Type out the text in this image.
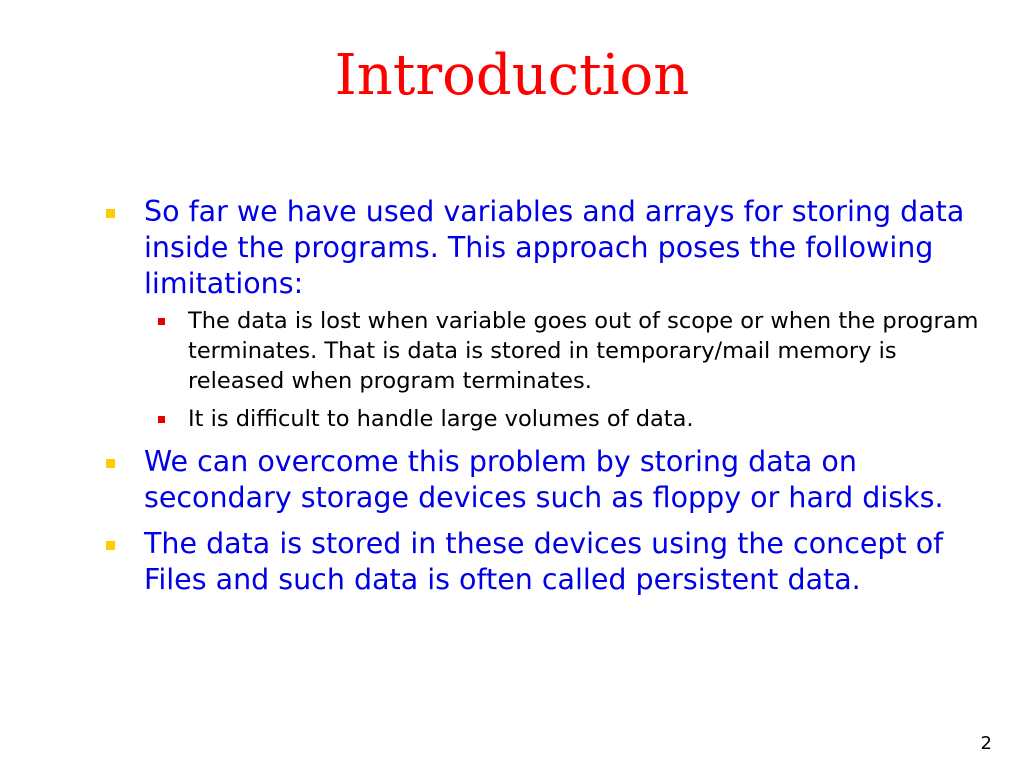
Introduction
So far we have used variables and arrays for storing data inside the programs. This approach poses the following limitations:
The data is lost when variable goes out of scope or when the program terminates. That is data is stored in temporary/mail memory is released when program terminates.
It is difficult to handle large volumes of data.
We can overcome this problem by storing data on secondary storage devices such as floppy or hard disks.
The data is stored in these devices using the concept of Files and such data is often called persistent data.
2
